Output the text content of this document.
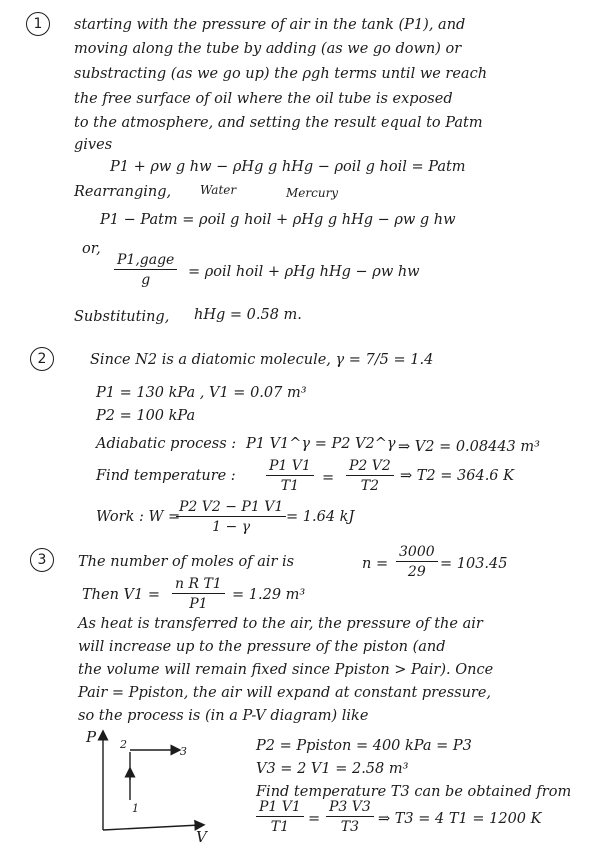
1	starting with the pressure of air in the tank (P1), and
moving along the tube by adding (as we go down) or
substracting (as we go up) the ρgh terms until we reach
the free surface of oil where the oil tube is exposed
to the atmosphere, and setting the result equal to Patm
gives
P1 + ρw g hw − ρHg g hHg − ρoil g hoil = Patm
Rearranging, Water	Mercury
P1 − Patm = ρoil g hoil + ρHg g hHg − ρw g hw
or,
P1,gage
g	= ρoil hoil + ρHg hHg − ρw hw
Substituting, hHg = 0.58 m.
2	Since N2 is a diatomic molecule, γ = 7/5 = 1.4
P1 = 130 kPa , V1 = 0.07 m³
P2 = 100 kPa
Adiabatic process : P1 V1^γ = P2 V2^γ ⇒ V2 = 0.08443 m³
Find temperature :
P1 V1
T1 =
P2 V2
T2
⇒ T2 = 364.6 K
Work : W =
P2 V2 − P1 V1
1 − γ
= 1.64 kJ
3	The number of moles of air is	n =
3000
29 = 103.45
Then V1 =
n R T1
P1
= 1.29 m³
As heat is transferred to the air, the pressure of the air
will increase up to the pressure of the piston (and
the volume will remain fixed since Ppiston > Pair). Once
Pair = Ppiston, the air will expand at constant pressure,
so the process is (in a P-V diagram) like
P2 = Ppiston = 400 kPa = P3
V3 = 2 V1 = 2.58 m³
Find temperature T3 can be obtained from
P1 V1
T1 =
P3 V3
T3 ⇒ T3 = 4 T1 = 1200 K
P
V
2
3
1
